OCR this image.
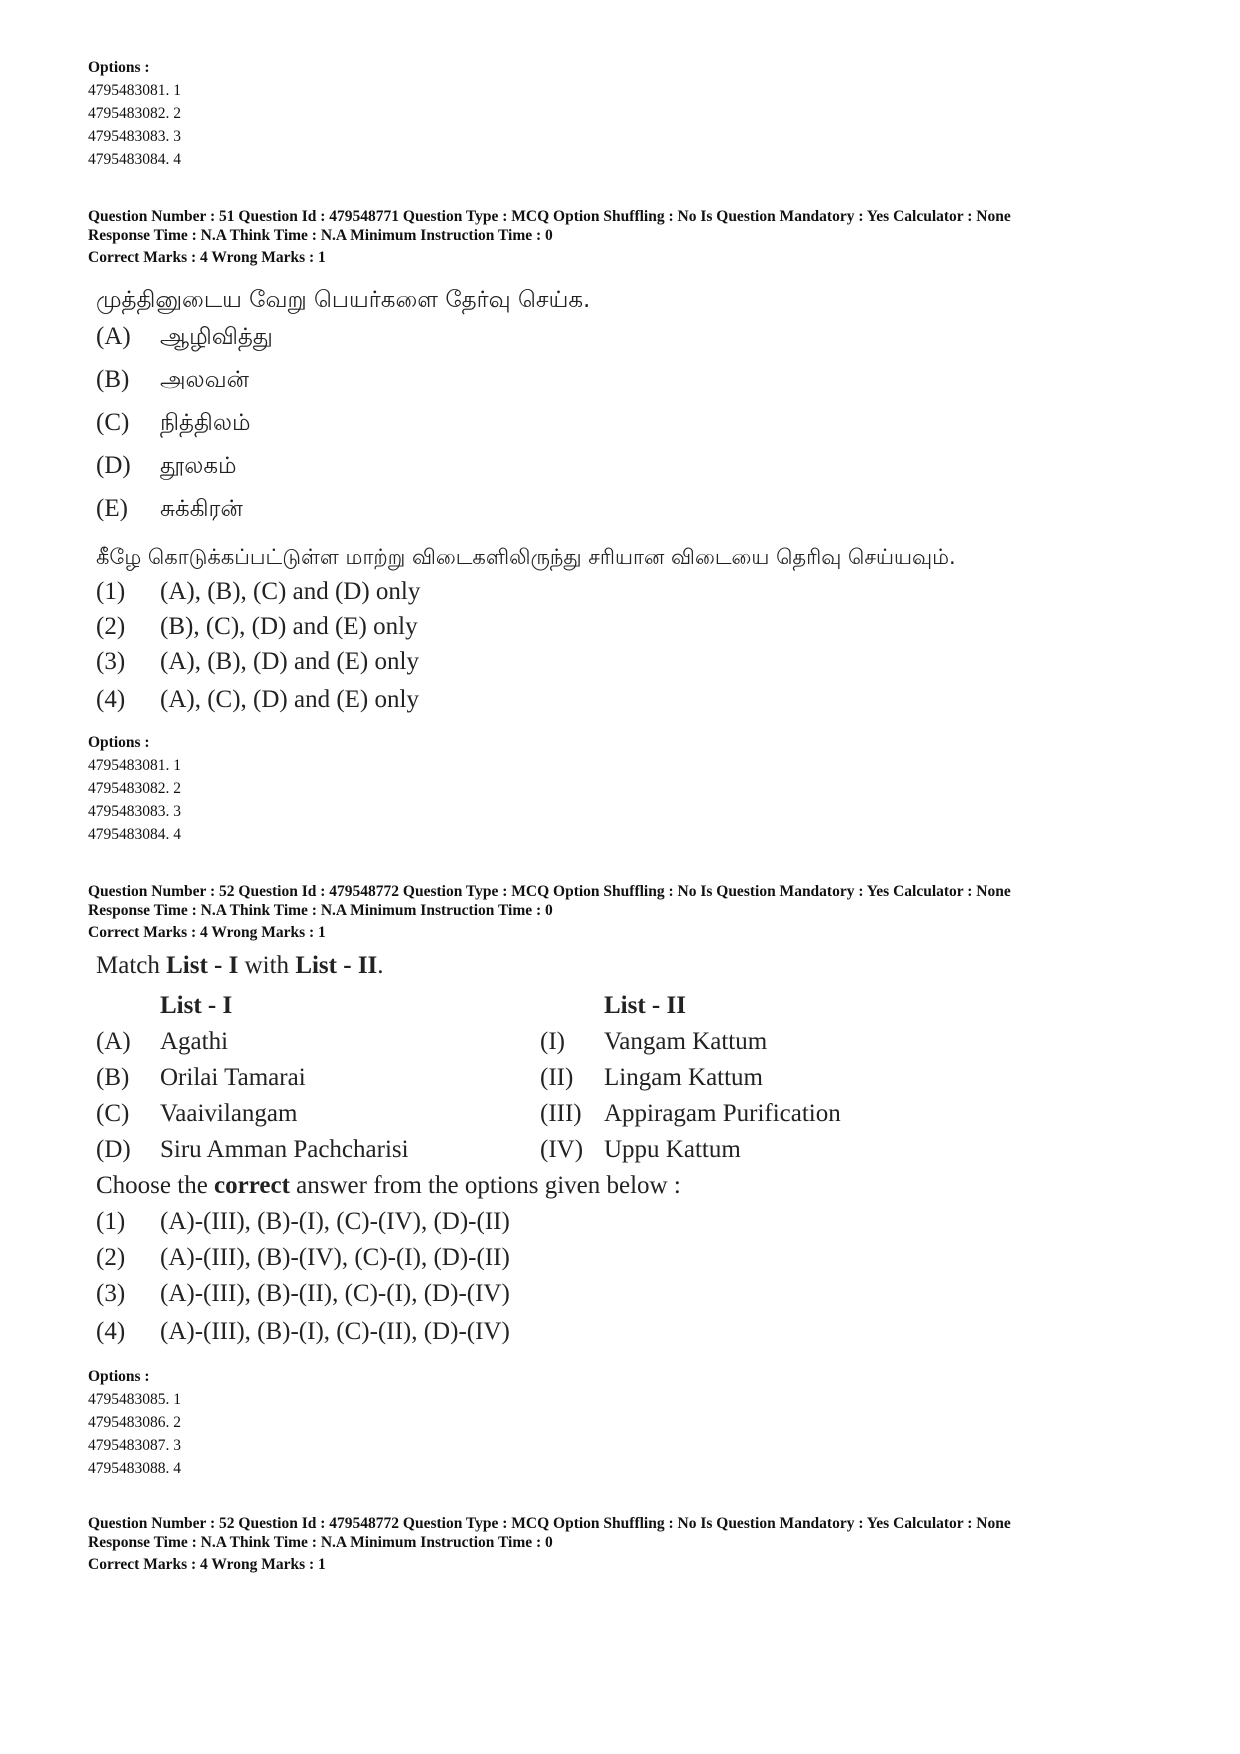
Options :
4795483081. 1
4795483082. 2
4795483083. 3
4795483084. 4
Question Number : 51 Question Id : 479548771 Question Type : MCQ Option Shuffling : No Is Question Mandatory : Yes Calculator : None
Response Time : N.A Think Time : N.A Minimum Instruction Time : 0
Correct Marks : 4 Wrong Marks : 1
முத்தினுடைய வேறு பெயர்களை தேர்வு செய்க.
(A)	ஆழிவித்து
(B)	அலவன்
(C)	நித்திலம்
(D)	தூலகம்
(E)	சுக்கிரன்
கீழே கொடுக்கப்பட்டுள்ள மாற்று விடைகளிலிருந்து சரியான விடையை தெரிவு செய்யவும்.
(1)	(A), (B), (C) and (D) only
(2)	(B), (C), (D) and (E) only
(3)	(A), (B), (D) and (E) only
(4)	(A), (C), (D) and (E) only
Options :
4795483081. 1
4795483082. 2
4795483083. 3
4795483084. 4
Question Number : 52 Question Id : 479548772 Question Type : MCQ Option Shuffling : No Is Question Mandatory : Yes Calculator : None
Response Time : N.A Think Time : N.A Minimum Instruction Time : 0
Correct Marks : 4 Wrong Marks : 1
Match List - I with List - II .
List - I	List - II
(A)	Agathi	(I)	Vangam Kattum
(B)	Orilai Tamarai	(II)	Lingam Kattum
(C)	Vaaivilangam	(III) Appiragam Purification
(D)	Siru Amman Pachcharisi	(IV) Uppu Kattum
Choose the correct answer from the options given below :
(1)	(A)-(III), (B)-(I), (C)-(IV), (D)-(II)
(2)	(A)-(III), (B)-(IV), (C)-(I), (D)-(II)
(3)	(A)-(III), (B)-(II), (C)-(I), (D)-(IV)
(4)	(A)-(III), (B)-(I), (C)-(II), (D)-(IV)
Options :
4795483085. 1
4795483086. 2
4795483087. 3
4795483088. 4
Question Number : 52 Question Id : 479548772 Question Type : MCQ Option Shuffling : No Is Question Mandatory : Yes Calculator : None
Response Time : N.A Think Time : N.A Minimum Instruction Time : 0
Correct Marks : 4 Wrong Marks : 1
